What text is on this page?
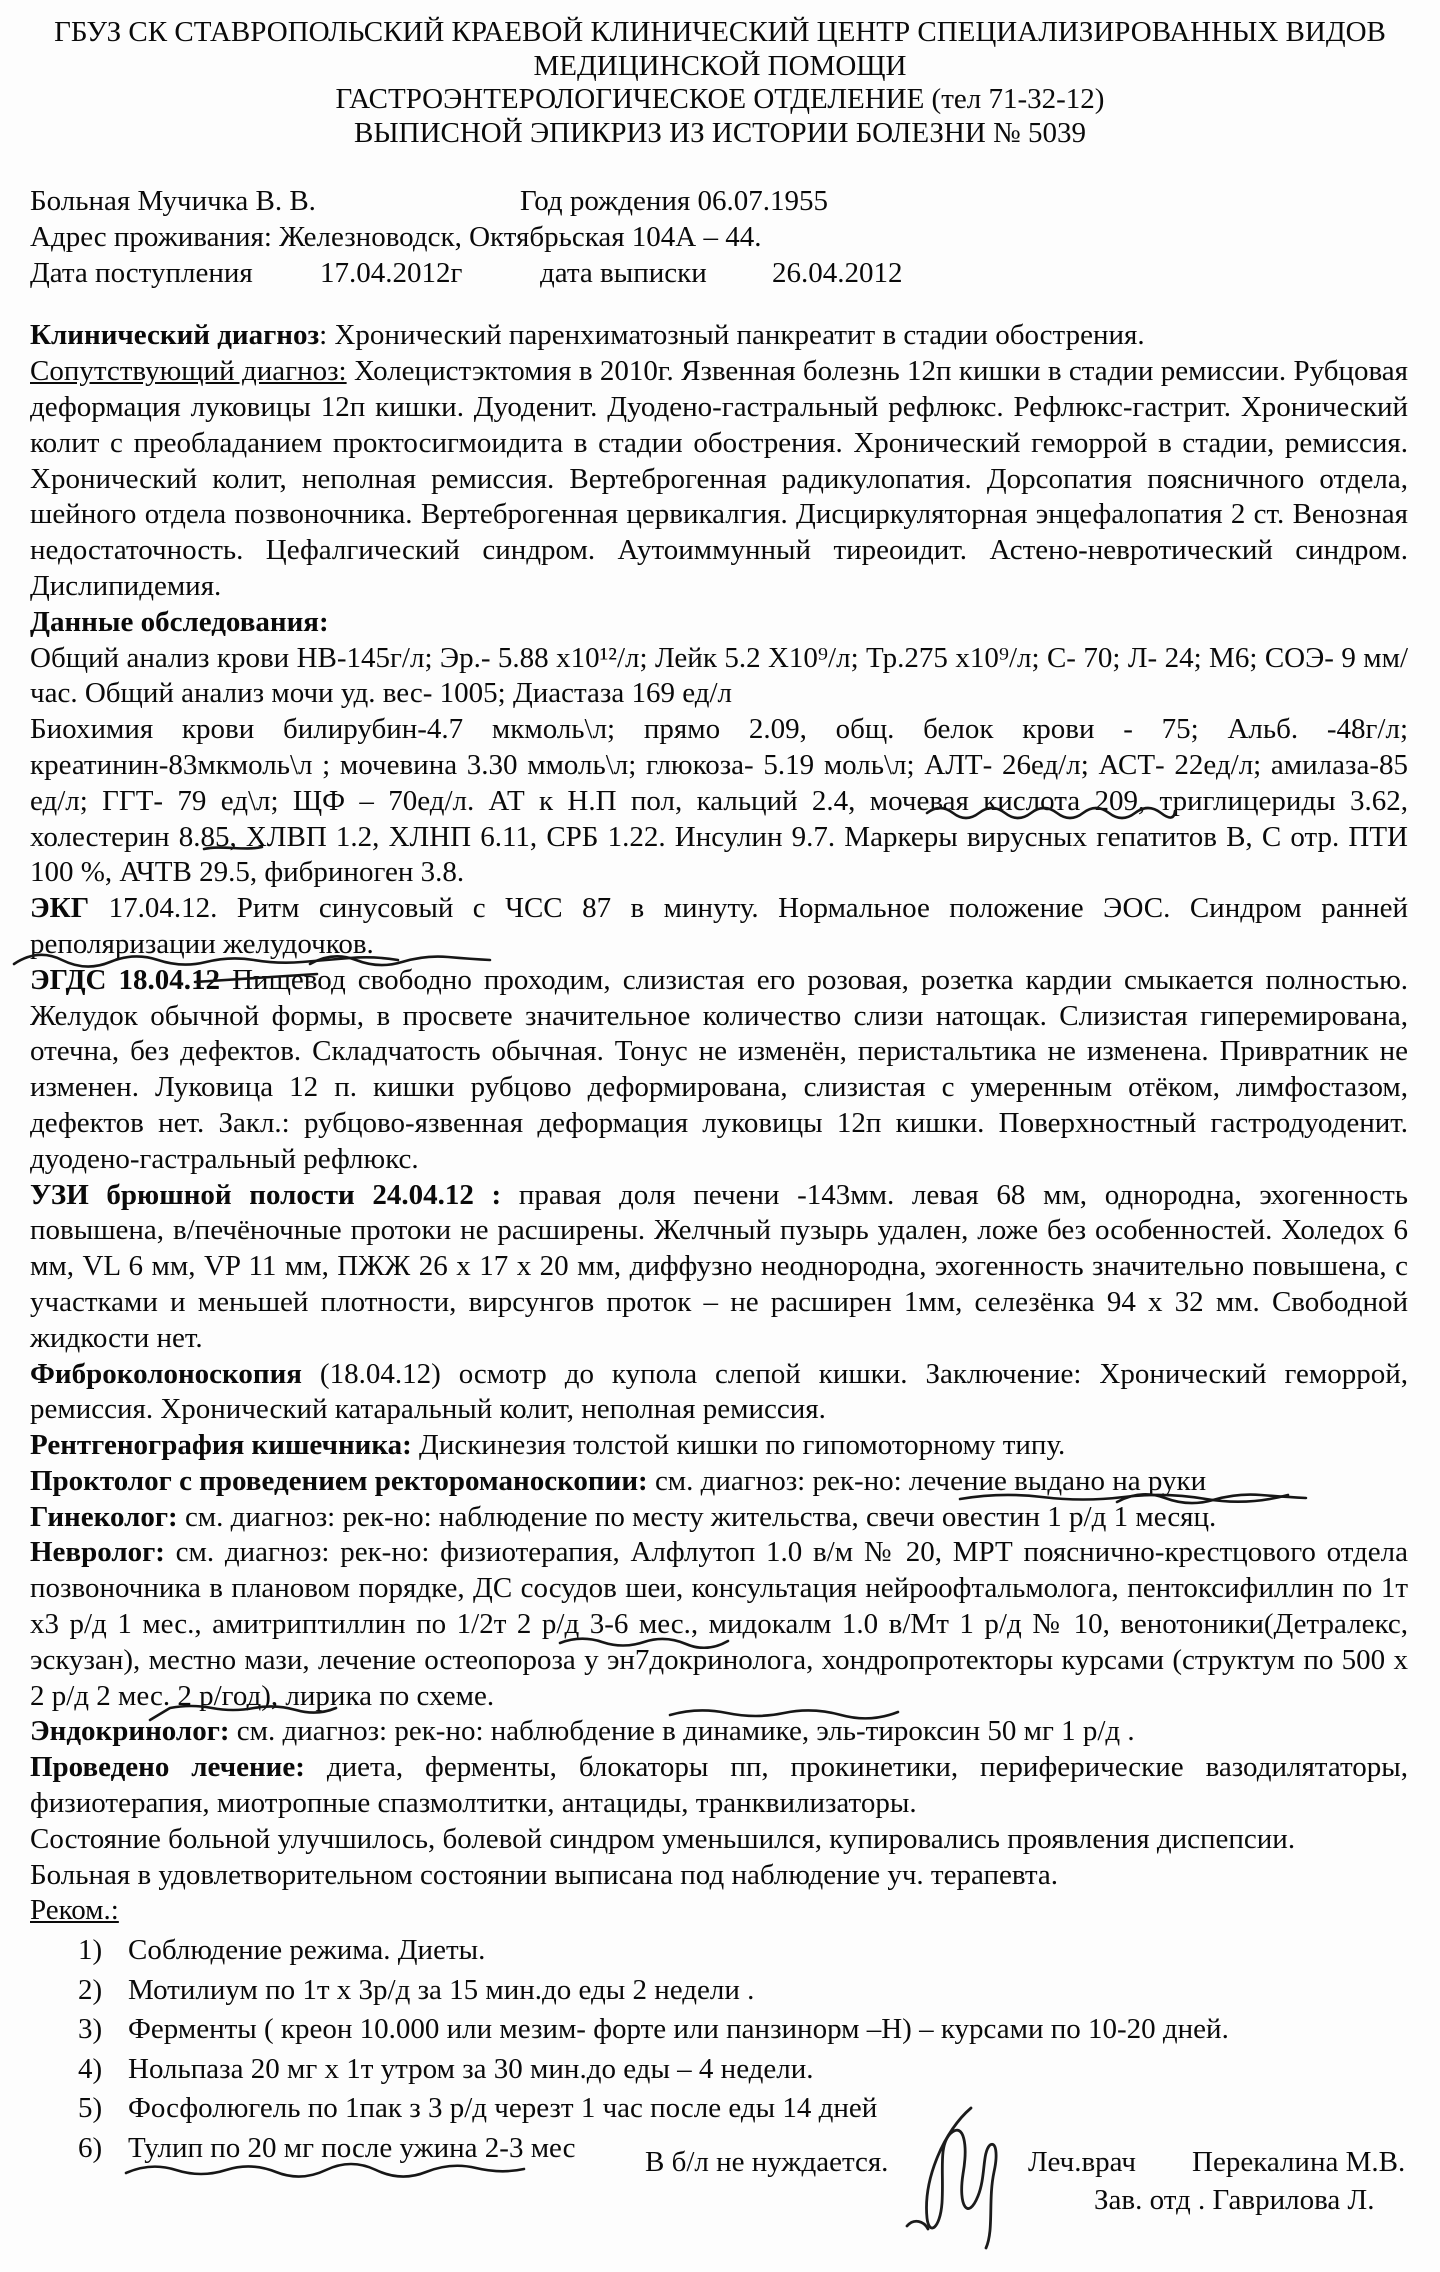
ГБУЗ СК СТАВРОПОЛЬСКИЙ КРАЕВОЙ КЛИНИЧЕСКИЙ ЦЕНТР СПЕЦИАЛИЗИРОВАННЫХ ВИДОВ
МЕДИЦИНСКОЙ ПОМОЩИ
ГАСТРОЭНТЕРОЛОГИЧЕСКОЕ ОТДЕЛЕНИЕ (тел 71-32-12)
ВЫПИСНОЙ ЭПИКРИЗ ИЗ ИСТОРИИ БОЛЕЗНИ № 5039
Больная Мучичка В. В.	Год рождения 06.07.1955
Адрес проживания: Железноводск, Октябрьская 104А – 44.
Дата поступления 17.04.2012г	дата выписки 26.04.2012

Клинический диагноз: Хронический паренхиматозный панкреатит в стадии обострения.

Сопутствующий диагноз: Холецистэктомия в 2010г. Язвенная болезнь 12п кишки в стадии ремиссии. Рубцовая деформация луковицы 12п кишки. Дуоденит. Дуодено-гастральный рефлюкс. Рефлюкс-гастрит. Хронический колит с преобладанием проктосигмоидита в стадии обострения. Хронический геморрой в стадии, ремиссия. Хронический колит, неполная ремиссия. Вертеброгенная радикулопатия. Дорсопатия поясничного отдела, шейного отдела позвоночника. Вертеброгенная цервикалгия. Дисциркуляторная энцефалопатия 2 ст. Венозная недостаточность. Цефалгический синдром. Аутоиммунный тиреоидит. Астено-невротический синдром. Дислипидемия.

Данные обследования:

Общий анализ крови НВ-145г/л; Эр.- 5.88 х10¹²/л; Лейк 5.2 Х10⁹/л; Тр.275 х10⁹/л; С- 70; Л- 24; М6; СОЭ- 9 мм/час. Общий анализ мочи уд. вес- 1005; Диастаза 169 ед/л

Биохимия крови билирубин-4.7 мкмоль\л; прямо 2.09, общ. белок крови - 75; Альб. -48г/л; креатинин-83мкмоль\л ; мочевина 3.30 ммоль\л; глюкоза- 5.19 моль\л; АЛТ- 26ед/л; АСТ- 22ед/л; амилаза-85 ед/л; ГГТ- 79 ед\л; ЩФ – 70ед/л. АТ к Н.П пол, кальций 2.4, мочевая кислота 209, триглицериды 3.62, холестерин 8.85, ХЛВП 1.2, ХЛНП 6.11, СРБ 1.22. Инсулин 9.7. Маркеры вирусных гепатитов В, С отр. ПТИ 100 %, АЧТВ 29.5, фибриноген 3.8.

ЭКГ 17.04.12. Ритм синусовый с ЧСС 87 в минуту. Нормальное положение ЭОС. Синдром ранней реполяризации желудочков.

ЭГДС 18.04.12 Пищевод свободно проходим, слизистая его розовая, розетка кардии смыкается полностью. Желудок обычной формы, в просвете значительное количество слизи натощак. Слизистая гиперемирована, отечна, без дефектов. Складчатость обычная. Тонус не изменён, перистальтика не изменена. Привратник не изменен. Луковица 12 п. кишки рубцово деформирована, слизистая с умеренным отёком, лимфостазом, дефектов нет. Закл.: рубцово-язвенная деформация луковицы 12п кишки. Поверхностный гастродуоденит. дуодено-гастральный рефлюкс.

УЗИ брюшной полости 24.04.12 : правая доля печени -143мм. левая 68 мм, однородна, эхогенность повышена, в/печёночные протоки не расширены. Желчный пузырь удален, ложе без особенностей. Холедох 6 мм, VL 6 мм, VP 11 мм, ПЖЖ 26 х 17 х 20 мм, диффузно неоднородна, эхогенность значительно повышена, с участками и меньшей плотности, вирсунгов проток – не расширен 1мм, селезёнка 94 х 32 мм. Свободной жидкости нет.

Фиброколоноскопия (18.04.12) осмотр до купола слепой кишки. Заключение: Хронический геморрой, ремиссия. Хронический катаральный колит, неполная ремиссия.

Рентгенография кишечника: Дискинезия толстой кишки по гипомоторному типу.

Проктолог с проведением ректороманоскопии: см. диагноз: рек-но: лечение выдано на руки

Гинеколог: см. диагноз: рек-но: наблюдение по месту жительства, свечи овестин 1 р/д 1 месяц.

Невролог: см. диагноз: рек-но: физиотерапия, Алфлутоп 1.0 в/м № 20, МРТ пояснично-крестцового отдела позвоночника в плановом порядке, ДС сосудов шеи, консультация нейроофтальмолога, пентоксифиллин по 1т х3 р/д 1 мес., амитриптиллин по 1/2т 2 р/д 3-6 мес., мидокалм 1.0 в/Мт 1 р/д № 10, венотоники(Детралекс, эскузан), местно мази, лечение остеопороза у эн7докринолога, хондропротекторы курсами (структум по 500 х 2 р/д 2 мес. 2 р/год), лирика по схеме.

Эндокринолог: см. диагноз: рек-но: наблюбдение в динамике, эль-тироксин 50 мг 1 р/д .

Проведено лечение: диета, ферменты, блокаторы пп, прокинетики, периферические вазодилятаторы, физиотерапия, миотропные спазмолтитки, антациды, транквилизаторы.

Состояние больной улучшилось, болевой синдром уменьшился, купировались проявления диспепсии.

Больная в удовлетворительном состоянии выписана под наблюдение уч. терапевта.

Реком.:

1) Соблюдение режима. Диеты.
2) Мотилиум по 1т х 3р/д за 15 мин.до еды 2 недели .
3) Ферменты ( креон 10.000 или мезим- форте или панзинорм –Н) – курсами по 10-20 дней.
4) Нольпаза 20 мг х 1т утром за 30 мин.до еды – 4 недели.
5) Фосфолюгель по 1пак з 3 р/д черезт 1 час после еды 14 дней
6) Тулип по 20 мг после ужина 2-3 мес В б/л не нуждается.	Леч.врач Перекалина М.В.
Зав. отд . Гаврилова Л.
